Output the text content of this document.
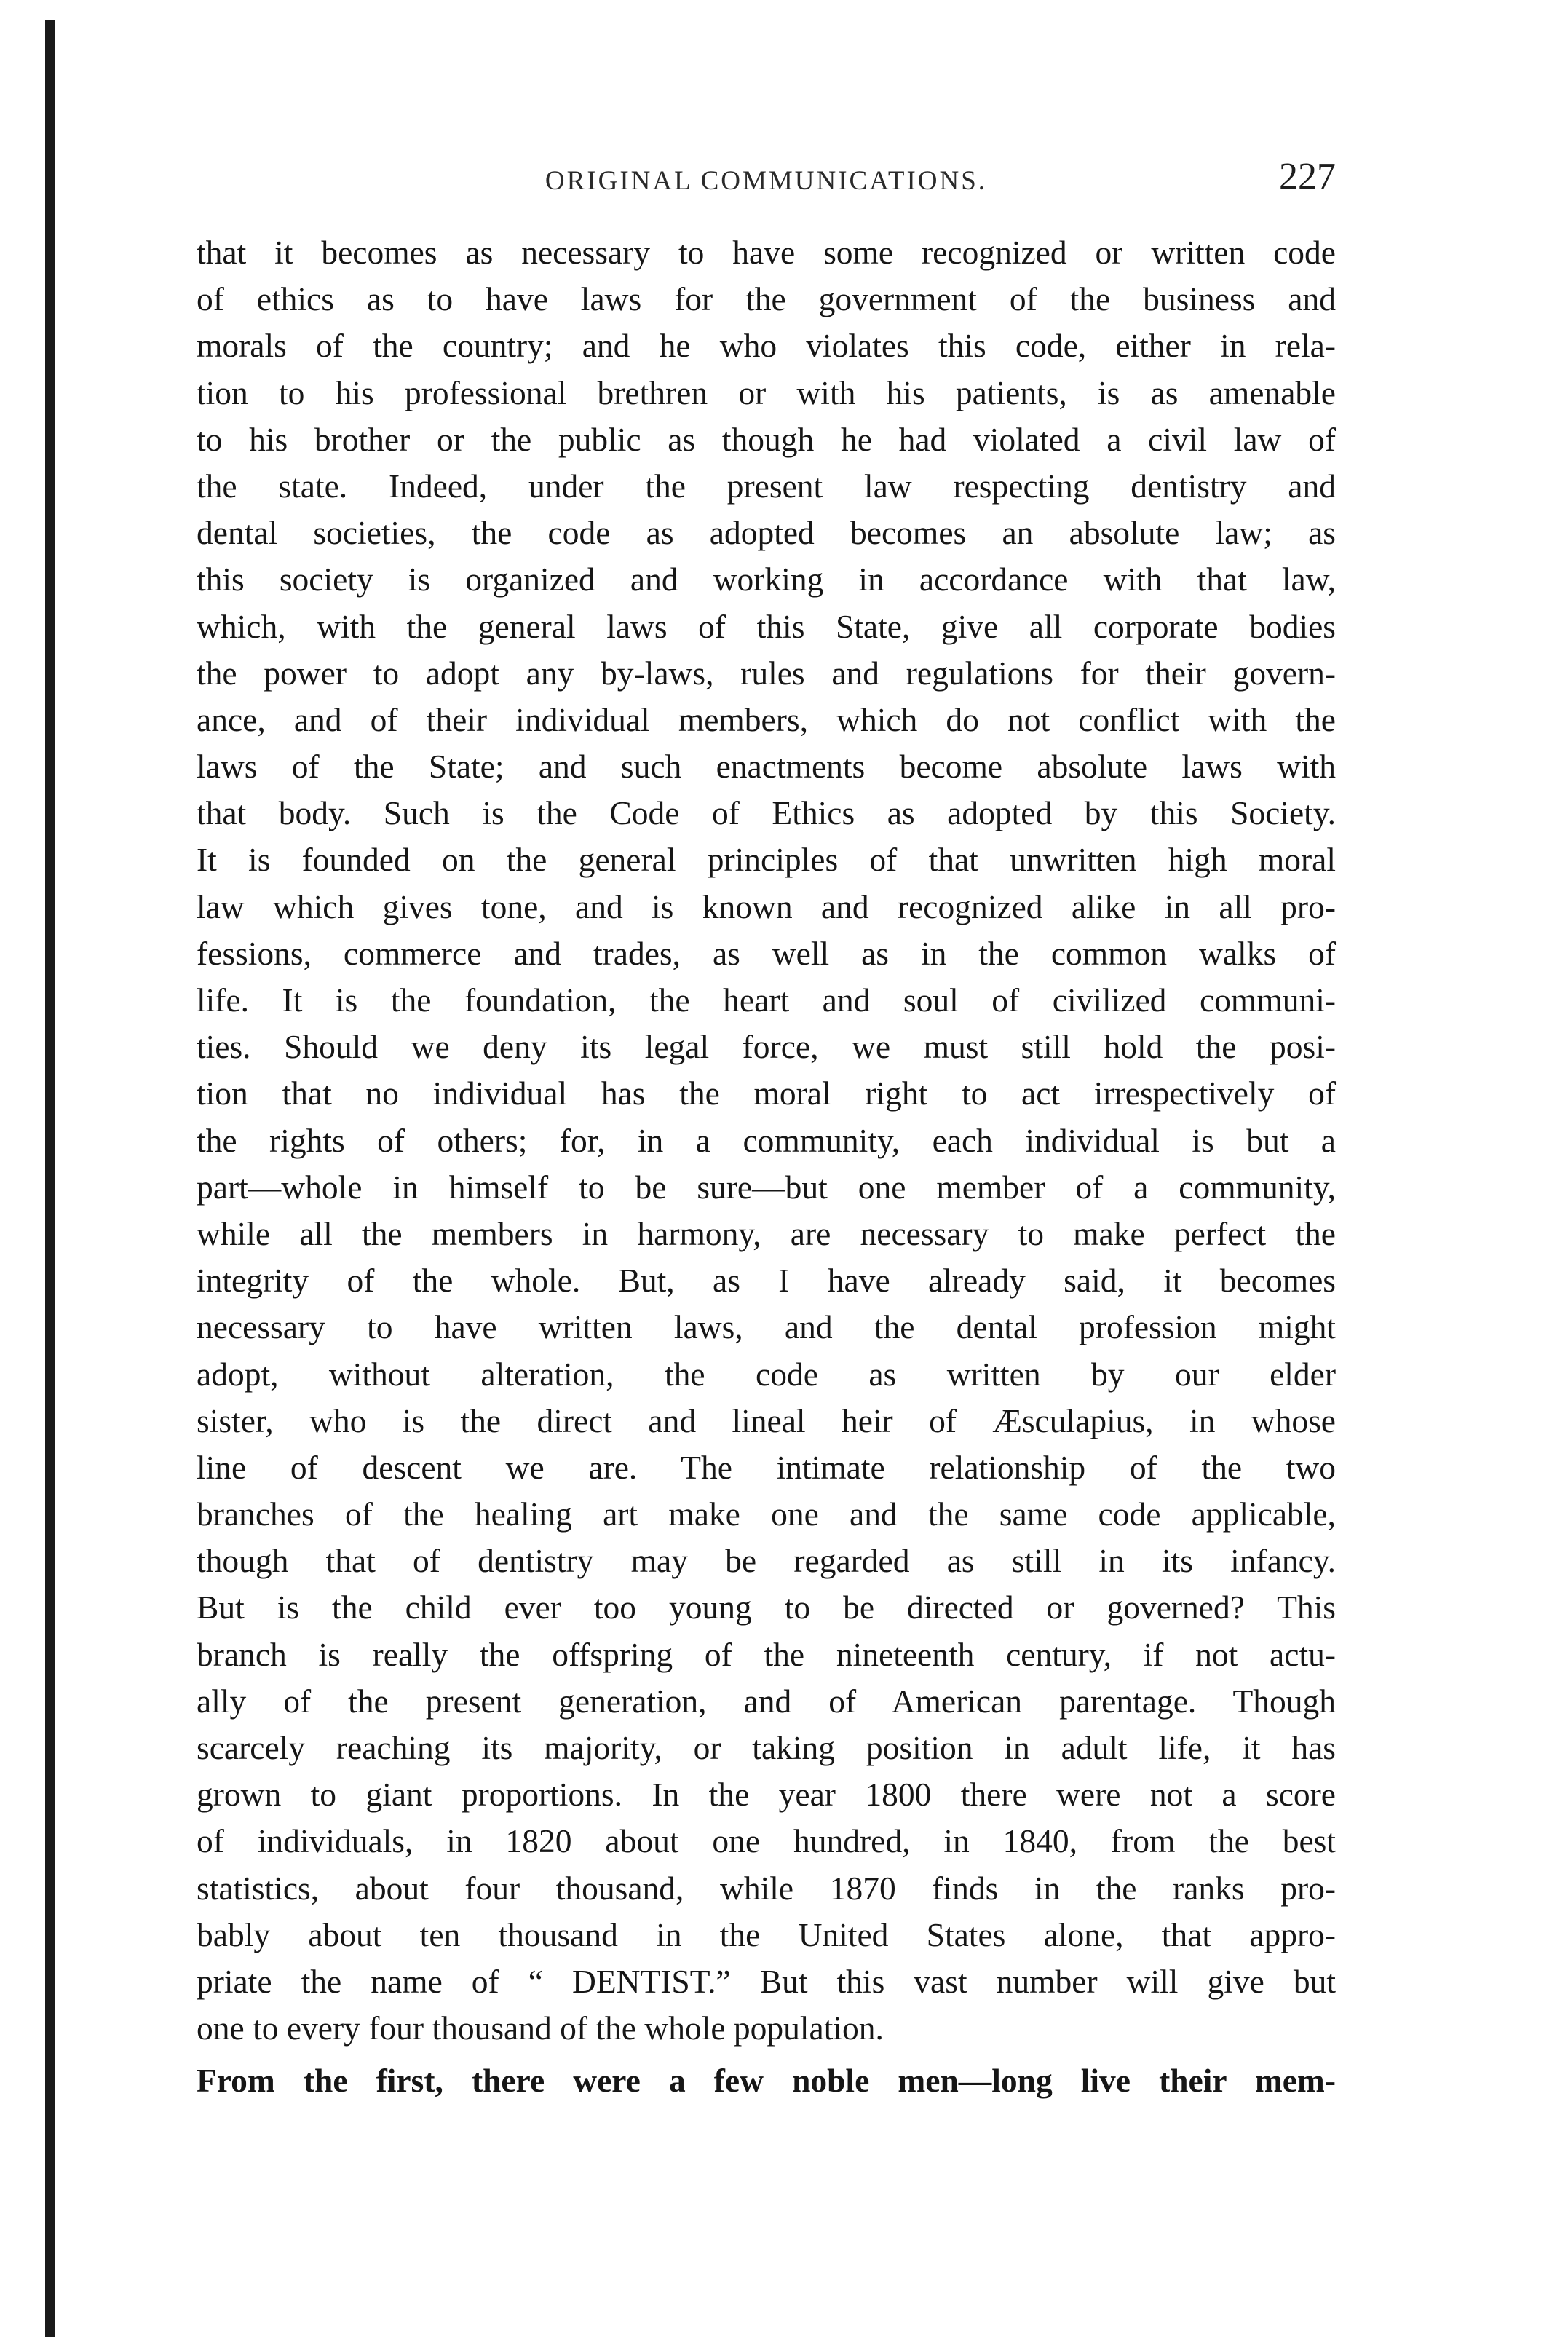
ORIGINAL COMMUNICATIONS.	227
that it becomes as necessary to have some recognized or written code
of ethics as to have laws for the government of the business and
morals of the country; and he who violates this code, either in rela-
tion to his professional brethren or with his patients, is as amenable
to his brother or the public as though he had violated a civil law of
the state. Indeed, under the present law respecting dentistry and
dental societies, the code as adopted becomes an absolute law; as
this society is organized and working in accordance with that law,
which, with the general laws of this State, give all corporate bodies
the power to adopt any by-laws, rules and regulations for their govern-
ance, and of their individual members, which do not conflict with the
laws of the State; and such enactments become absolute laws with
that body. Such is the Code of Ethics as adopted by this Society.
It is founded on the general principles of that unwritten high moral
law which gives tone, and is known and recognized alike in all pro-
fessions, commerce and trades, as well as in the common walks of
life. It is the foundation, the heart and soul of civilized communi-
ties. Should we deny its legal force, we must still hold the posi-
tion that no individual has the moral right to act irrespectively of
the rights of others; for, in a community, each individual is but a
part—whole in himself to be sure—but one member of a community,
while all the members in harmony, are necessary to make perfect the
integrity of the whole. But, as I have already said, it becomes
necessary to have written laws, and the dental profession might
adopt, without alteration, the code as written by our elder
sister, who is the direct and lineal heir of Æsculapius, in whose
line of descent we are. The intimate relationship of the two
branches of the healing art make one and the same code applicable,
though that of dentistry may be regarded as still in its infancy.
But is the child ever too young to be directed or governed? This
branch is really the offspring of the nineteenth century, if not actu-
ally of the present generation, and of American parentage. Though
scarcely reaching its majority, or taking position in adult life, it has
grown to giant proportions. In the year 1800 there were not a score
of individuals, in 1820 about one hundred, in 1840, from the best
statistics, about four thousand, while 1870 finds in the ranks pro-
bably about ten thousand in the United States alone, that appro-
priate the name of “ DENTIST.” But this vast number will give but
one to every four thousand of the whole population.
From the first, there were a few noble men—long live their mem-
